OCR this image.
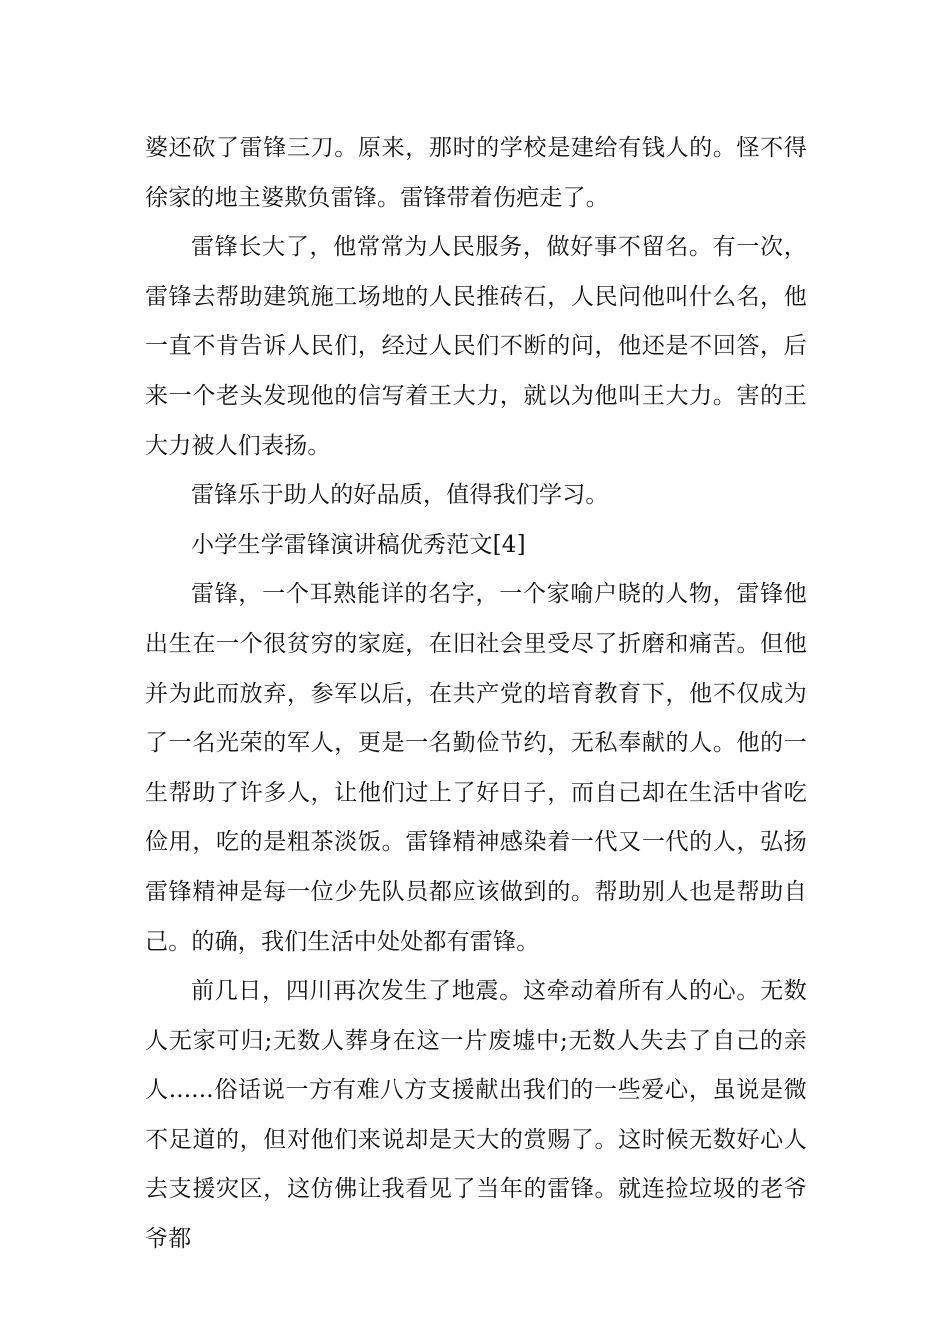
婆还砍了雷锋三刀。原来，那时的学校是建给有钱人的。怪不得徐家的地主婆欺负雷锋。雷锋带着伤疤走了。

雷锋长大了，他常常为人民服务，做好事不留名。有一次，雷锋去帮助建筑施工场地的人民推砖石，人民问他叫什么名，他一直不肯告诉人民们，经过人民们不断的问，他还是不回答，后来一个老头发现他的信写着王大力，就以为他叫王大力。害的王大力被人们表扬。

雷锋乐于助人的好品质，值得我们学习。

小学生学雷锋演讲稿优秀范文[4]

雷锋，一个耳熟能详的名字，一个家喻户晓的人物，雷锋他出生在一个很贫穷的家庭，在旧社会里受尽了折磨和痛苦。但他并为此而放弃，参军以后，在共产党的培育教育下，他不仅成为了一名光荣的军人，更是一名勤俭节约，无私奉献的人。他的一生帮助了许多人，让他们过上了好日子，而自己却在生活中省吃俭用，吃的是粗茶淡饭。雷锋精神感染着一代又一代的人，弘扬雷锋精神是每一位少先队员都应该做到的。帮助别人也是帮助自己。的确，我们生活中处处都有雷锋。

前几日，四川再次发生了地震。这牵动着所有人的心。无数人无家可归;无数人葬身在这一片废墟中;无数人失去了自己的亲人......俗话说一方有难八方支援献出我们的一些爱心，虽说是微不足道的，但对他们来说却是天大的赏赐了。这时候无数好心人去支援灾区，这仿佛让我看见了当年的雷锋。就连捡垃圾的老爷爷都
